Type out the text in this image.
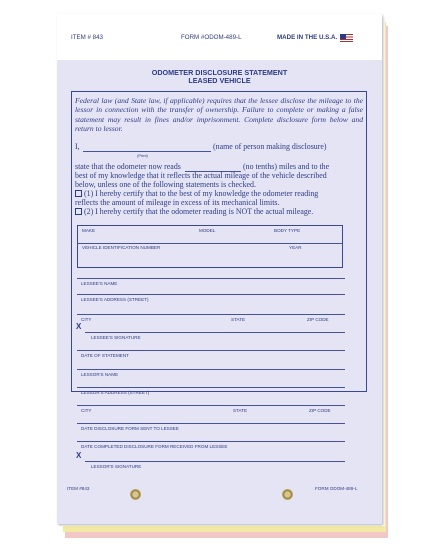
ITEM # 843	FORM #ODOM-489-L	MADE IN THE U.S.A.
ODOMETER DISCLOSURE STATEMENT
LEASED VEHICLE
Federal law (and State law, if applicable) requires that the lessee disclose the mileage to the lessor in connection with the transfer of ownership. Failure to complete or making a false statement may result in fines and/or imprisonment. Complete disclosure form below and return to lessor.
I,	(name of person making disclosure)
(Print)
state that the odometer now reads	(no tenths) miles and to the
best of my knowledge that it reflects the actual mileage of the vehicle described
below, unless one of the following statements is checked.
(1) I hereby certify that to the best of my knowledge the odometer reading
reflects the amount of mileage in excess of its mechanical limits.
(2) I hereby certify that the odometer reading is NOT the actual mileage.
MAKE	MODEL	BODY TYPE
VEHICLE IDENTIFICATION NUMBER	YEAR
LESSEE'S NAME
LESSEE'S ADDRESS (STREET)
CITY	STATE	ZIP CODE
X
LESSEE'S SIGNATURE
DATE OF STATEMENT
LESSOR'S NAME
LESSOR'S ADDRESS (STREET)
CITY	STATE	ZIP CODE
DATE DISCLOSURE FORM SENT TO LESSEE
DATE COMPLETED DISCLOSURE FORM RECEIVED FROM LESSEE
X
LESSOR'S SIGNATURE
ITEM #843	FORM ODOM-489-L
